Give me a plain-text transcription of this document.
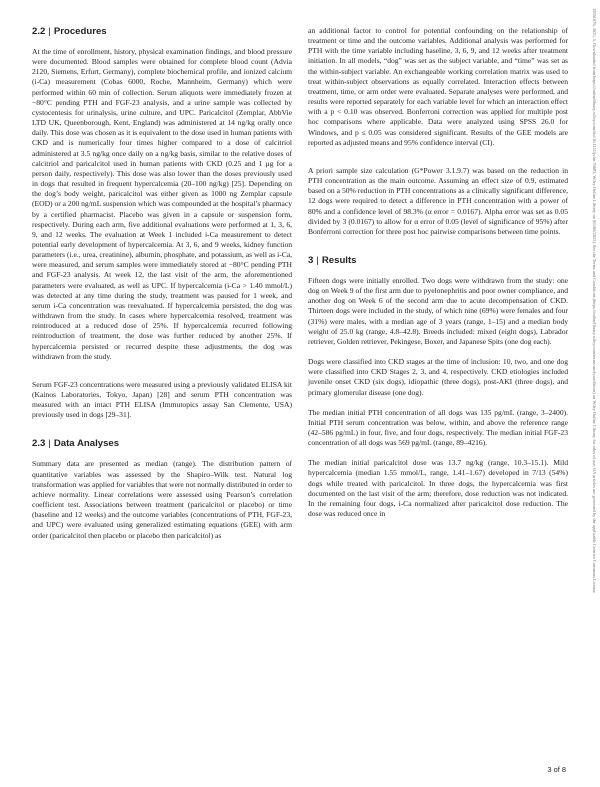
2.2 | Procedures

At the time of enrollment, history, physical examination findings, and blood pressure were documented. Blood samples were obtained for complete blood count (Advia 2120, Siemens, Erfurt, Germany), complete biochemical profile, and ionized calcium (i-Ca) measurement (Cobas 6000, Roche, Mannheim, Germany) which were performed within 60 min of collection. Serum aliquots were immediately frozen at −80°C pending PTH and FGF-23 analysis, and a urine sample was collected by cystocentesis for urinalysis, urine culture, and UPC. Paricalcitol (Zemplar, AbbVie LTD UK, Queenborough, Kent, England) was administered at 14 ng/kg orally once daily. This dose was chosen as it is equivalent to the dose used in human patients with CKD and is numerically four times higher compared to a dose of calcitriol administered at 3.5 ng/kg once daily on a ng/kg basis, similar to the relative doses of calcitriol and paricalcitol used in human patients with CKD (0.25 and 1 μg for a person daily, respectively). This dose was also lower than the doses previously used in dogs that resulted in frequent hypercalcemia (20–100 ng/kg) [25]. Depending on the dog’s body weight, paricalcitol was either given as 1000 ng Zemplar capsule (EOD) or a 200 ng/mL suspension which was compounded at the hospital’s pharmacy by a certified pharmacist. Placebo was given in a capsule or suspension form, respectively. During each arm, five additional evaluations were performed at 1, 3, 6, 9, and 12 weeks. The evaluation at Week 1 included i-Ca measurement to detect potential early development of hypercalcemia. At 3, 6, and 9 weeks, kidney function parameters (i.e., urea, creatinine), albumin, phosphate, and potassium, as well as i-Ca, were measured, and serum samples were immediately stored at −80°C pending PTH and FGF-23 analysis. At week 12, the last visit of the arm, the aforementioned parameters were evaluated, as well as UPC. If hypercalcemia (i-Ca > 1.40 mmol/L) was detected at any time during the study, treatment was paused for 1 week, and serum i-Ca concentration was reevaluated. If hypercalcemia persisted, the dog was withdrawn from the study. In cases where hypercalcemia resolved, treatment was reintroduced at a reduced dose of 25%. If hypercalcemia recurred following reintroduction of treatment, the dose was further reduced by another 25%. If hypercalcemia persisted or recurred despite these adjustments, the dog was withdrawn from the study.

Serum FGF-23 concentrations were measured using a previously validated ELISA kit (Kainos Laboratories, Tokyo, Japan) [28] and serum PTH concentration was measured with an intact PTH ELISA (Immutopics assay San Clemente, USA) previously used in dogs [29–31].

2.3 | Data Analyses

Summary data are presented as median (range). The distribution pattern of quantitative variables was assessed by the Shapiro–Wilk test. Natural log transformation was applied for variables that were not normally distributed in order to achieve normality. Linear correlations were assessed using Pearson’s correlation coefficient test. Associations between treatment (paricalcitol or placebo) or time (baseline and 12 weeks) and the outcome variables (concentrations of PTH, FGF-23, and UPC) were evaluated using generalized estimating equations (GEE) with arm order (paricalcitol then placebo or placebo then paricalcitol) as

an additional factor to control for potential confounding on the relationship of treatment or time and the outcome variables. Additional analysis was performed for PTH with the time variable including baseline, 3, 6, 9, and 12 weeks after treatment initiation. In all models, “dog” was set as the subject variable, and “time” was set as the within-subject variable. An exchangeable working correlation matrix was used to treat within-subject observations as equally correlated. Interaction effects between treatment, time, or arm order were evaluated. Separate analyses were performed, and results were reported separately for each variable level for which an interaction effect with a p < 0.10 was observed. Bonferroni correction was applied for multiple post hoc comparisons where applicable. Data were analyzed using SPSS 26.0 for Windows, and p ≤ 0.05 was considered significant. Results of the GEE models are reported as adjusted means and 95% confidence interval (CI).

A priori sample size calculation (G*Power 3.1.9.7) was based on the reduction in PTH concentration as the main outcome. Assuming an effect size of 0.9, estimated based on a 50% reduction in PTH concentrations as a clinically significant difference, 12 dogs were required to detect a difference in PTH concentration with a power of 80% and a confidence level of 98.3% (α error = 0.0167). Alpha error was set as 0.05 divided by 3 (0.0167) to allow for α error of 0.05 (level of significance of 95%) after Bonferroni correction for three post hoc pairwise comparisons between time points.

3 | Results

Fifteen dogs were initially enrolled. Two dogs were withdrawn from the study: one dog on Week 9 of the first arm due to pyelonephritis and poor owner compliance, and another dog on Week 6 of the second arm due to acute decompensation of CKD. Thirteen dogs were included in the study, of which nine (69%) were females and four (31%) were males, with a median age of 3 years (range, 1–15) and a median body weight of 25.0 kg (range, 4.8–42.8). Breeds included: mixed (eight dogs), Labrador retriever, Golden retriever, Pekingese, Boxer, and Japanese Spits (one dog each).

Dogs were classified into CKD stages at the time of inclusion: 10, two, and one dog were classified into CKD Stages 2, 3, and 4, respectively. CKD etiologies included juvenile onset CKD (six dogs), idiopathic (three dogs), post-AKI (three dogs), and primary glomerular disease (one dog).

The median initial PTH concentration of all dogs was 135 pg/mL (range, 3–2400). Initial PTH serum concentration was below, within, and above the reference range (42–586 pg/mL) in four, five, and four dogs, respectively. The median initial FGF-23 concentration of all dogs was 569 pg/mL (range, 89–4216).

The median initial paricalcitol dose was 13.7 ng/kg (range, 10.3–15.1). Mild hypercalcemia (median 1.55 mmol/L, range, 1.41–1.67) developed in 7/13 (54%) dogs while treated with paricalcitol. In three dogs, the hypercalcemia was first documented on the last visit of the arm; therefore, dose reduction was not indicated. In the remaining four dogs, i-Ca normalized after paricalcitol dose reduction. The dose was reduced once in	19391676, 2025, 5, Downloaded from https://onlinelibrary.wiley.com/doi/10.1111/jvim.70083, Wiley Online Library on [05/06/2025]. See the Terms and Conditions (https://onlinelibrary.wiley.com/terms-and-conditions) on Wiley Online Library for rules of use; OA articles are governed by the applicable Creative Commons License
3 of 8
